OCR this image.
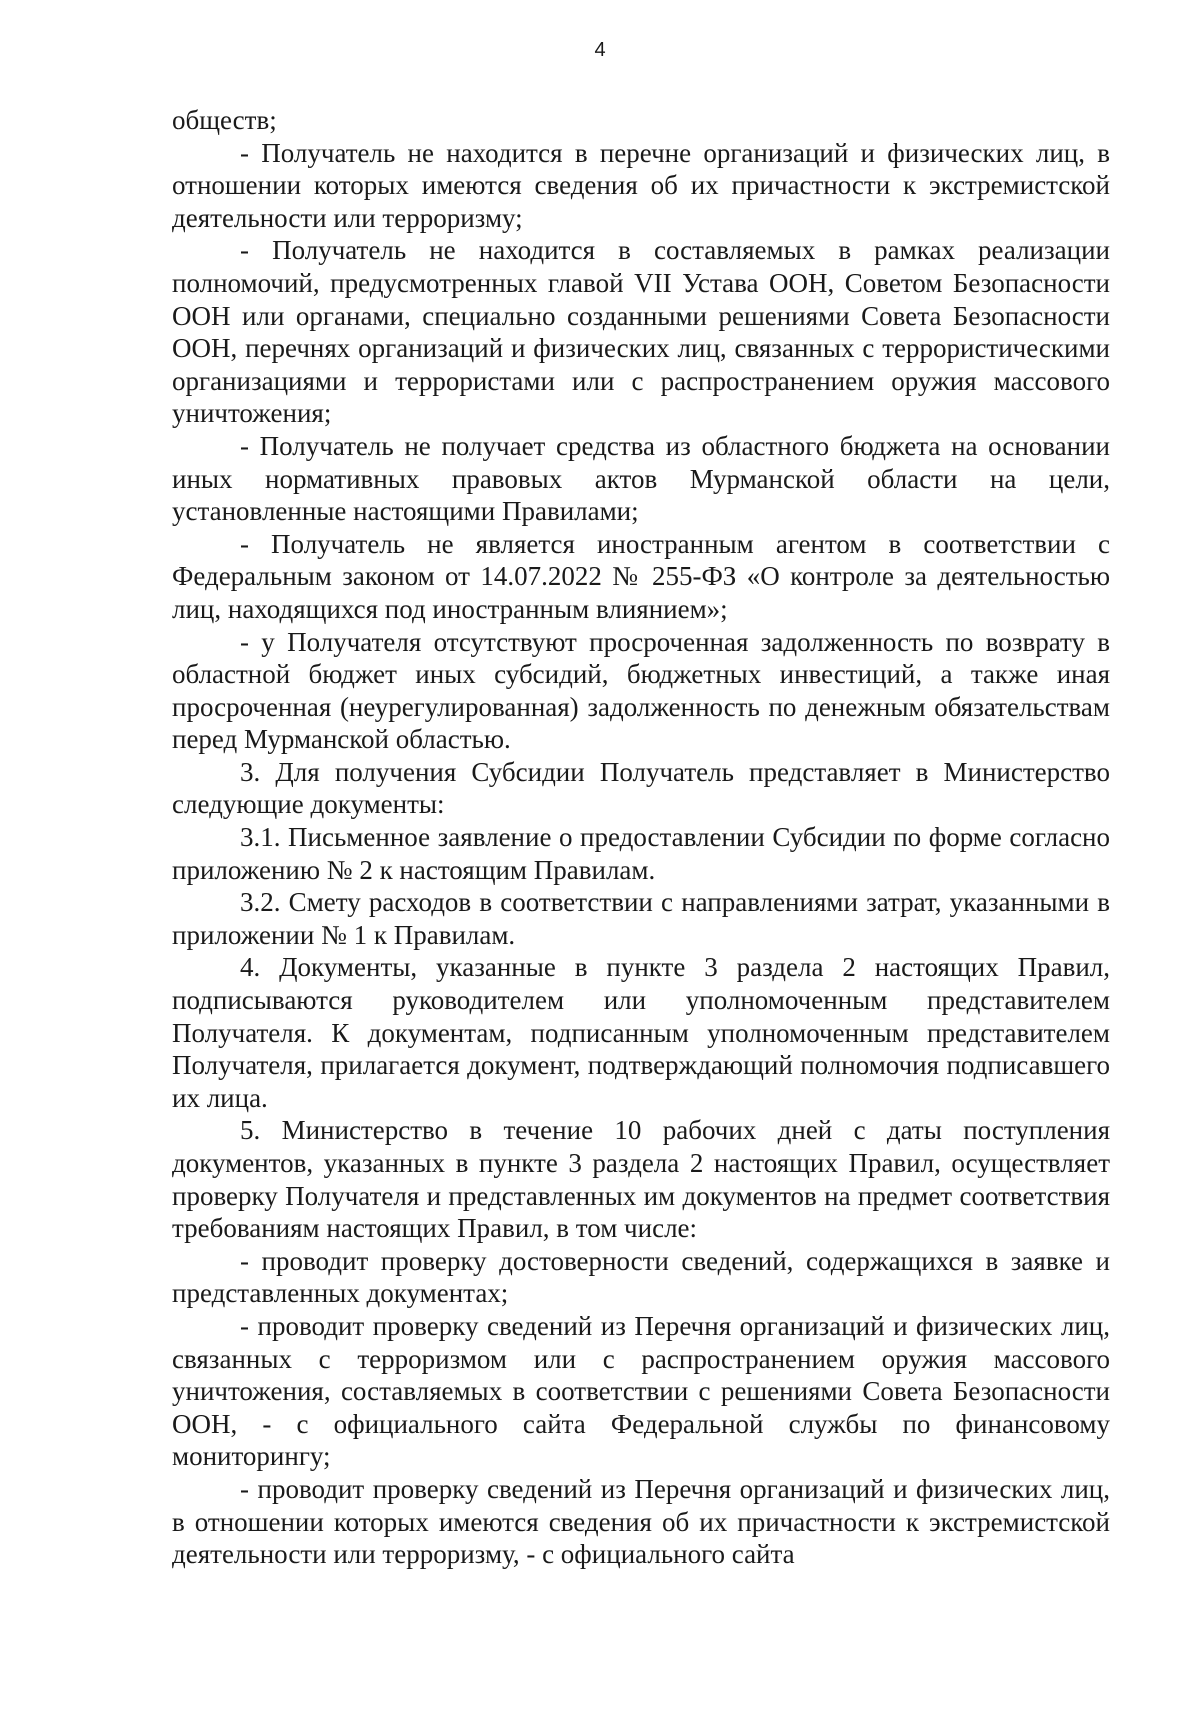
4

обществ;

- Получатель не находится в перечне организаций и физических лиц, в отношении которых имеются сведения об их причастности к экстремистской деятельности или терроризму;

- Получатель не находится в составляемых в рамках реализации полномочий, предусмотренных главой VII Устава ООН, Советом Безопасности ООН или органами, специально созданными решениями Совета Безопасности ООН, перечнях организаций и физических лиц, связанных с террористическими организациями и террористами или с распространением оружия массового уничтожения;

- Получатель не получает средства из областного бюджета на основании иных нормативных правовых актов Мурманской области на цели, установленные настоящими Правилами;

- Получатель не является иностранным агентом в соответствии с Федеральным законом от 14.07.2022 № 255-ФЗ «О контроле за деятельностью лиц, находящихся под иностранным влиянием»;

- у Получателя отсутствуют просроченная задолженность по возврату в областной бюджет иных субсидий, бюджетных инвестиций, а также иная просроченная (неурегулированная) задолженность по денежным обязательствам перед Мурманской областью.

3. Для получения Субсидии Получатель представляет в Министерство следующие документы:

3.1. Письменное заявление о предоставлении Субсидии по форме согласно приложению № 2 к настоящим Правилам.

3.2. Смету расходов в соответствии с направлениями затрат, указанными в приложении № 1 к Правилам.

4. Документы, указанные в пункте 3 раздела 2 настоящих Правил, подписываются руководителем или уполномоченным представителем Получателя. К документам, подписанным уполномоченным представителем Получателя, прилагается документ, подтверждающий полномочия подписавшего их лица.

5. Министерство в течение 10 рабочих дней с даты поступления документов, указанных в пункте 3 раздела 2 настоящих Правил, осуществляет проверку Получателя и представленных им документов на предмет соответствия требованиям настоящих Правил, в том числе:

- проводит проверку достоверности сведений, содержащихся в заявке и представленных документах;

- проводит проверку сведений из Перечня организаций и физических лиц, связанных с терроризмом или с распространением оружия массового уничтожения, составляемых в соответствии с решениями Совета Безопасности ООН, - с официального сайта Федеральной службы по финансовому мониторингу;

- проводит проверку сведений из Перечня организаций и физических лиц, в отношении которых имеются сведения об их причастности к экстремистской деятельности или терроризму, - с официального сайта
